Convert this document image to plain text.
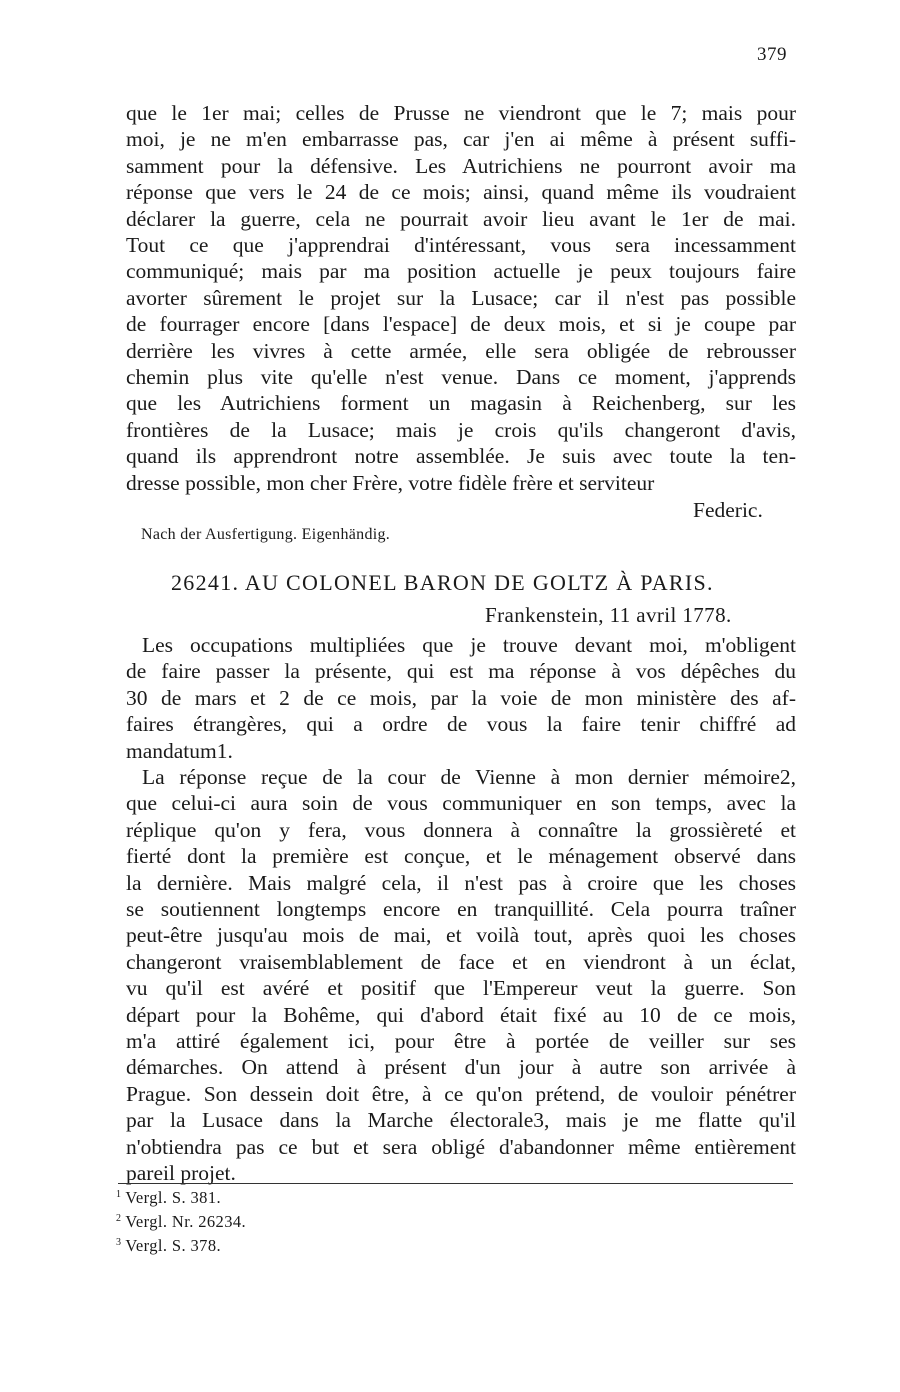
379
que le 1er mai; celles de Prusse ne viendront que le 7; mais pour
moi, je ne m'en embarrasse pas, car j'en ai même à présent suffi-
samment pour la défensive. Les Autrichiens ne pourront avoir ma
réponse que vers le 24 de ce mois; ainsi, quand même ils voudraient
déclarer la guerre, cela ne pourrait avoir lieu avant le 1er de mai.
Tout ce que j'apprendrai d'intéressant, vous sera incessamment
communiqué; mais par ma position actuelle je peux toujours faire
avorter sûrement le projet sur la Lusace; car il n'est pas possible
de fourrager encore [dans l'espace] de deux mois, et si je coupe par
derrière les vivres à cette armée, elle sera obligée de rebrousser
chemin plus vite qu'elle n'est venue. Dans ce moment, j'apprends
que les Autrichiens forment un magasin à Reichenberg, sur les
frontières de la Lusace; mais je crois qu'ils changeront d'avis,
quand ils apprendront notre assemblée. Je suis avec toute la ten-
dresse possible, mon cher Frère, votre fidèle frère et serviteur
Federic.
Nach der Ausfertigung. Eigenhändig.
26241. AU COLONEL BARON DE GOLTZ À PARIS.
Frankenstein, 11 avril 1778.
Les occupations multipliées que je trouve devant moi, m'obligent
de faire passer la présente, qui est ma réponse à vos dépêches du
30 de mars et 2 de ce mois, par la voie de mon ministère des af-
faires étrangères, qui a ordre de vous la faire tenir chiffré ad
mandatum1.
La réponse reçue de la cour de Vienne à mon dernier mémoire2,
que celui-ci aura soin de vous communiquer en son temps, avec la
réplique qu'on y fera, vous donnera à connaître la grossièreté et
fierté dont la première est conçue, et le ménagement observé dans
la dernière. Mais malgré cela, il n'est pas à croire que les choses
se soutiennent longtemps encore en tranquillité. Cela pourra traîner
peut-être jusqu'au mois de mai, et voilà tout, après quoi les choses
changeront vraisemblablement de face et en viendront à un éclat,
vu qu'il est avéré et positif que l'Empereur veut la guerre. Son
départ pour la Bohême, qui d'abord était fixé au 10 de ce mois,
m'a attiré également ici, pour être à portée de veiller sur ses
démarches. On attend à présent d'un jour à autre son arrivée à
Prague. Son dessein doit être, à ce qu'on prétend, de vouloir pénétrer
par la Lusace dans la Marche électorale3, mais je me flatte qu'il
n'obtiendra pas ce but et sera obligé d'abandonner même entièrement
pareil projet.
$^1$ Vergl. S. 381.
$^2$ Vergl. Nr. 26234.
$^3$ Vergl. S. 378.
